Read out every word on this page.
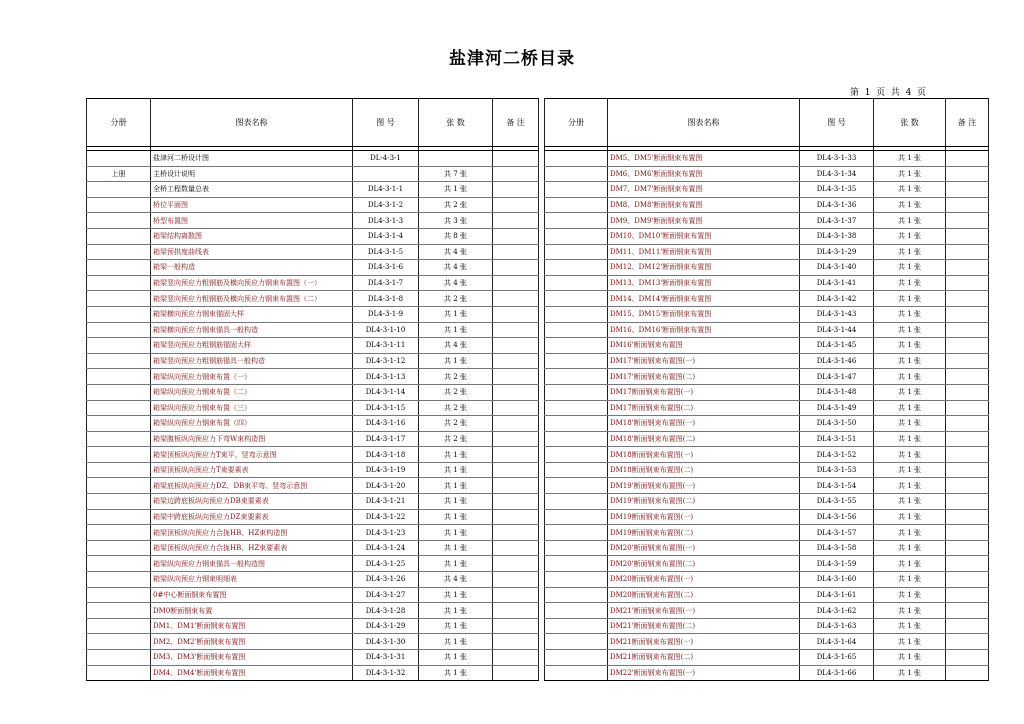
盐津河二桥目录
第  1  页  共  4  页
分册	图表名称	图 号	张 数	备 注

	盐津河二桥设计图	DL-4-3-1		
上册	主桥设计说明		共 7 张	
	全桥工程数量总表	DL4-3-1-1	共 1 张	
	桥位平面图	DL4-3-1-2	共 2 张	
	桥型布置图	DL4-3-1-3	共 3 张	
	箱梁结构离散图	DL4-3-1-4	共 8 张	
	箱梁预拱度曲线表	DL4-3-1-5	共 4 张	
	箱梁一般构造	DL4-3-1-6	共 4 张	
	箱梁竖向预应力粗钢筋及横向预应力钢束布置图（一）	DL4-3-1-7	共 4 张	
	箱梁竖向预应力粗钢筋及横向预应力钢束布置图（二）	DL4-3-1-8	共 2 张	
	箱梁横向预应力钢束锚固大样	DL4-3-1-9	共 1 张	
	箱梁横向预应力钢束锚具一般构造	DL4-3-1-10	共 1 张	
	箱梁竖向预应力粗钢筋锚固大样	DL4-3-1-11	共 4 张	
	箱梁竖向预应力粗钢筋锚具一般构造	DL4-3-1-12	共 1 张	
	箱梁纵向预应力钢束布置（一）	DL4-3-1-13	共 2 张	
	箱梁纵向预应力钢束布置（二）	DL4-3-1-14	共 2 张	
	箱梁纵向预应力钢束布置（三）	DL4-3-1-15	共 2 张	
	箱梁纵向预应力钢束布置（四）	DL4-3-1-16	共 2 张	
	箱梁腹板纵向预应力下弯W束构造图	DL4-3-1-17	共 2 张	
	箱梁顶板纵向预应力T束平、竖弯示意图	DL4-3-1-18	共 1 张	
	箱梁顶板纵向预应力T束要素表	DL4-3-1-19	共 1 张	
	箱梁底板纵向预应力DZ、DB束平弯、竖弯示意图	DL4-3-1-20	共 1 张	
	箱梁边跨底板纵向预应力DB束要素表	DL4-3-1-21	共 1 张	
	箱梁中跨底板纵向预应力DZ束要素表	DL4-3-1-22	共 1 张	
	箱梁顶板纵向预应力合拢HB、HZ束构造图	DL4-3-1-23	共 1 张	
	箱梁顶板纵向预应力合拢HB、HZ束要素表	DL4-3-1-24	共 1 张	
	箱梁纵向预应力钢束锚具一般构造图	DL4-3-1-25	共 1 张	
	箱梁纵向预应力钢束明细表	DL4-3-1-26	共 4 张	
	0#中心断面钢束布置图	DL4-3-1-27	共 1 张	
	DM0断面钢束布置	DL4-3-1-28	共 1 张	
	DM1、DM1'断面钢束布置图	DL4-3-1-29	共 1 张	
	DM2、DM2'断面钢束布置图	DL4-3-1-30	共 1 张	
	DM3、DM3'断面钢束布置图	DL4-3-1-31	共 1 张	
	DM4、DM4'断面钢束布置图	DL4-3-1-32	共 1 张	
分册	图表名称	图 号	张 数	备 注

	DM5、DM5'断面钢束布置图	DL4-3-1-33	共 1 张	
	DM6、DM6'断面钢束布置图	DL4-3-1-34	共 1 张	
	DM7、DM7'断面钢束布置图	DL4-3-1-35	共 1 张	
	DM8、DM8'断面钢束布置图	DL4-3-1-36	共 1 张	
	DM9、DM9'断面钢束布置图	DL4-3-1-37	共 1 张	
	DM10、DM10'断面钢束布置图	DL4-3-1-38	共 1 张	
	DM11、DM11'断面钢束布置图	DL4-3-1-29	共 1 张	
	DM12、DM12'断面钢束布置图	DL4-3-1-40	共 1 张	
	DM13、DM13'断面钢束布置图	DL4-3-1-41	共 1 张	
	DM14、DM14'断面钢束布置图	DL4-3-1-42	共 1 张	
	DM15、DM15'断面钢束布置图	DL4-3-1-43	共 1 张	
	DM16、DM16'断面钢束布置图	DL4-3-1-44	共 1 张	
	DM16'断面钢束布置图	DL4-3-1-45	共 1 张	
	DM17'断面钢束布置图(一)	DL4-3-1-46	共 1 张	
	DM17'断面钢束布置图(二)	DL4-3-1-47	共 1 张	
	DM17断面钢束布置图(一)	DL4-3-1-48	共 1 张	
	DM17断面钢束布置图(二)	DL4-3-1-49	共 1 张	
	DM18'断面钢束布置图(一)	DL4-3-1-50	共 1 张	
	DM18'断面钢束布置图(二)	DL4-3-1-51	共 1 张	
	DM18断面钢束布置图(一)	DL4-3-1-52	共 1 张	
	DM18断面钢束布置图(二)	DL4-3-1-53	共 1 张	
	DM19'断面钢束布置图(一)	DL4-3-1-54	共 1 张	
	DM19'断面钢束布置图(二)	DL4-3-1-55	共 1 张	
	DM19断面钢束布置图(一)	DL4-3-1-56	共 1 张	
	DM19断面钢束布置图(二)	DL4-3-1-57	共 1 张	
	DM20'断面钢束布置图(一)	DL4-3-1-58	共 1 张	
	DM20'断面钢束布置图(二)	DL4-3-1-59	共 1 张	
	DM20断面钢束布置图(一)	DL4-3-1-60	共 1 张	
	DM20断面钢束布置图(二)	DL4-3-1-61	共 1 张	
	DM21'断面钢束布置图(一)	DL4-3-1-62	共 1 张	
	DM21'断面钢束布置图(二)	DL4-3-1-63	共 1 张	
	DM21断面钢束布置图(一)	DL4-3-1-64	共 1 张	
	DM21断面钢束布置图(二)	DL4-3-1-65	共 1 张	
	DM22'断面钢束布置图(一)	DL4-3-1-66	共 1 张	
